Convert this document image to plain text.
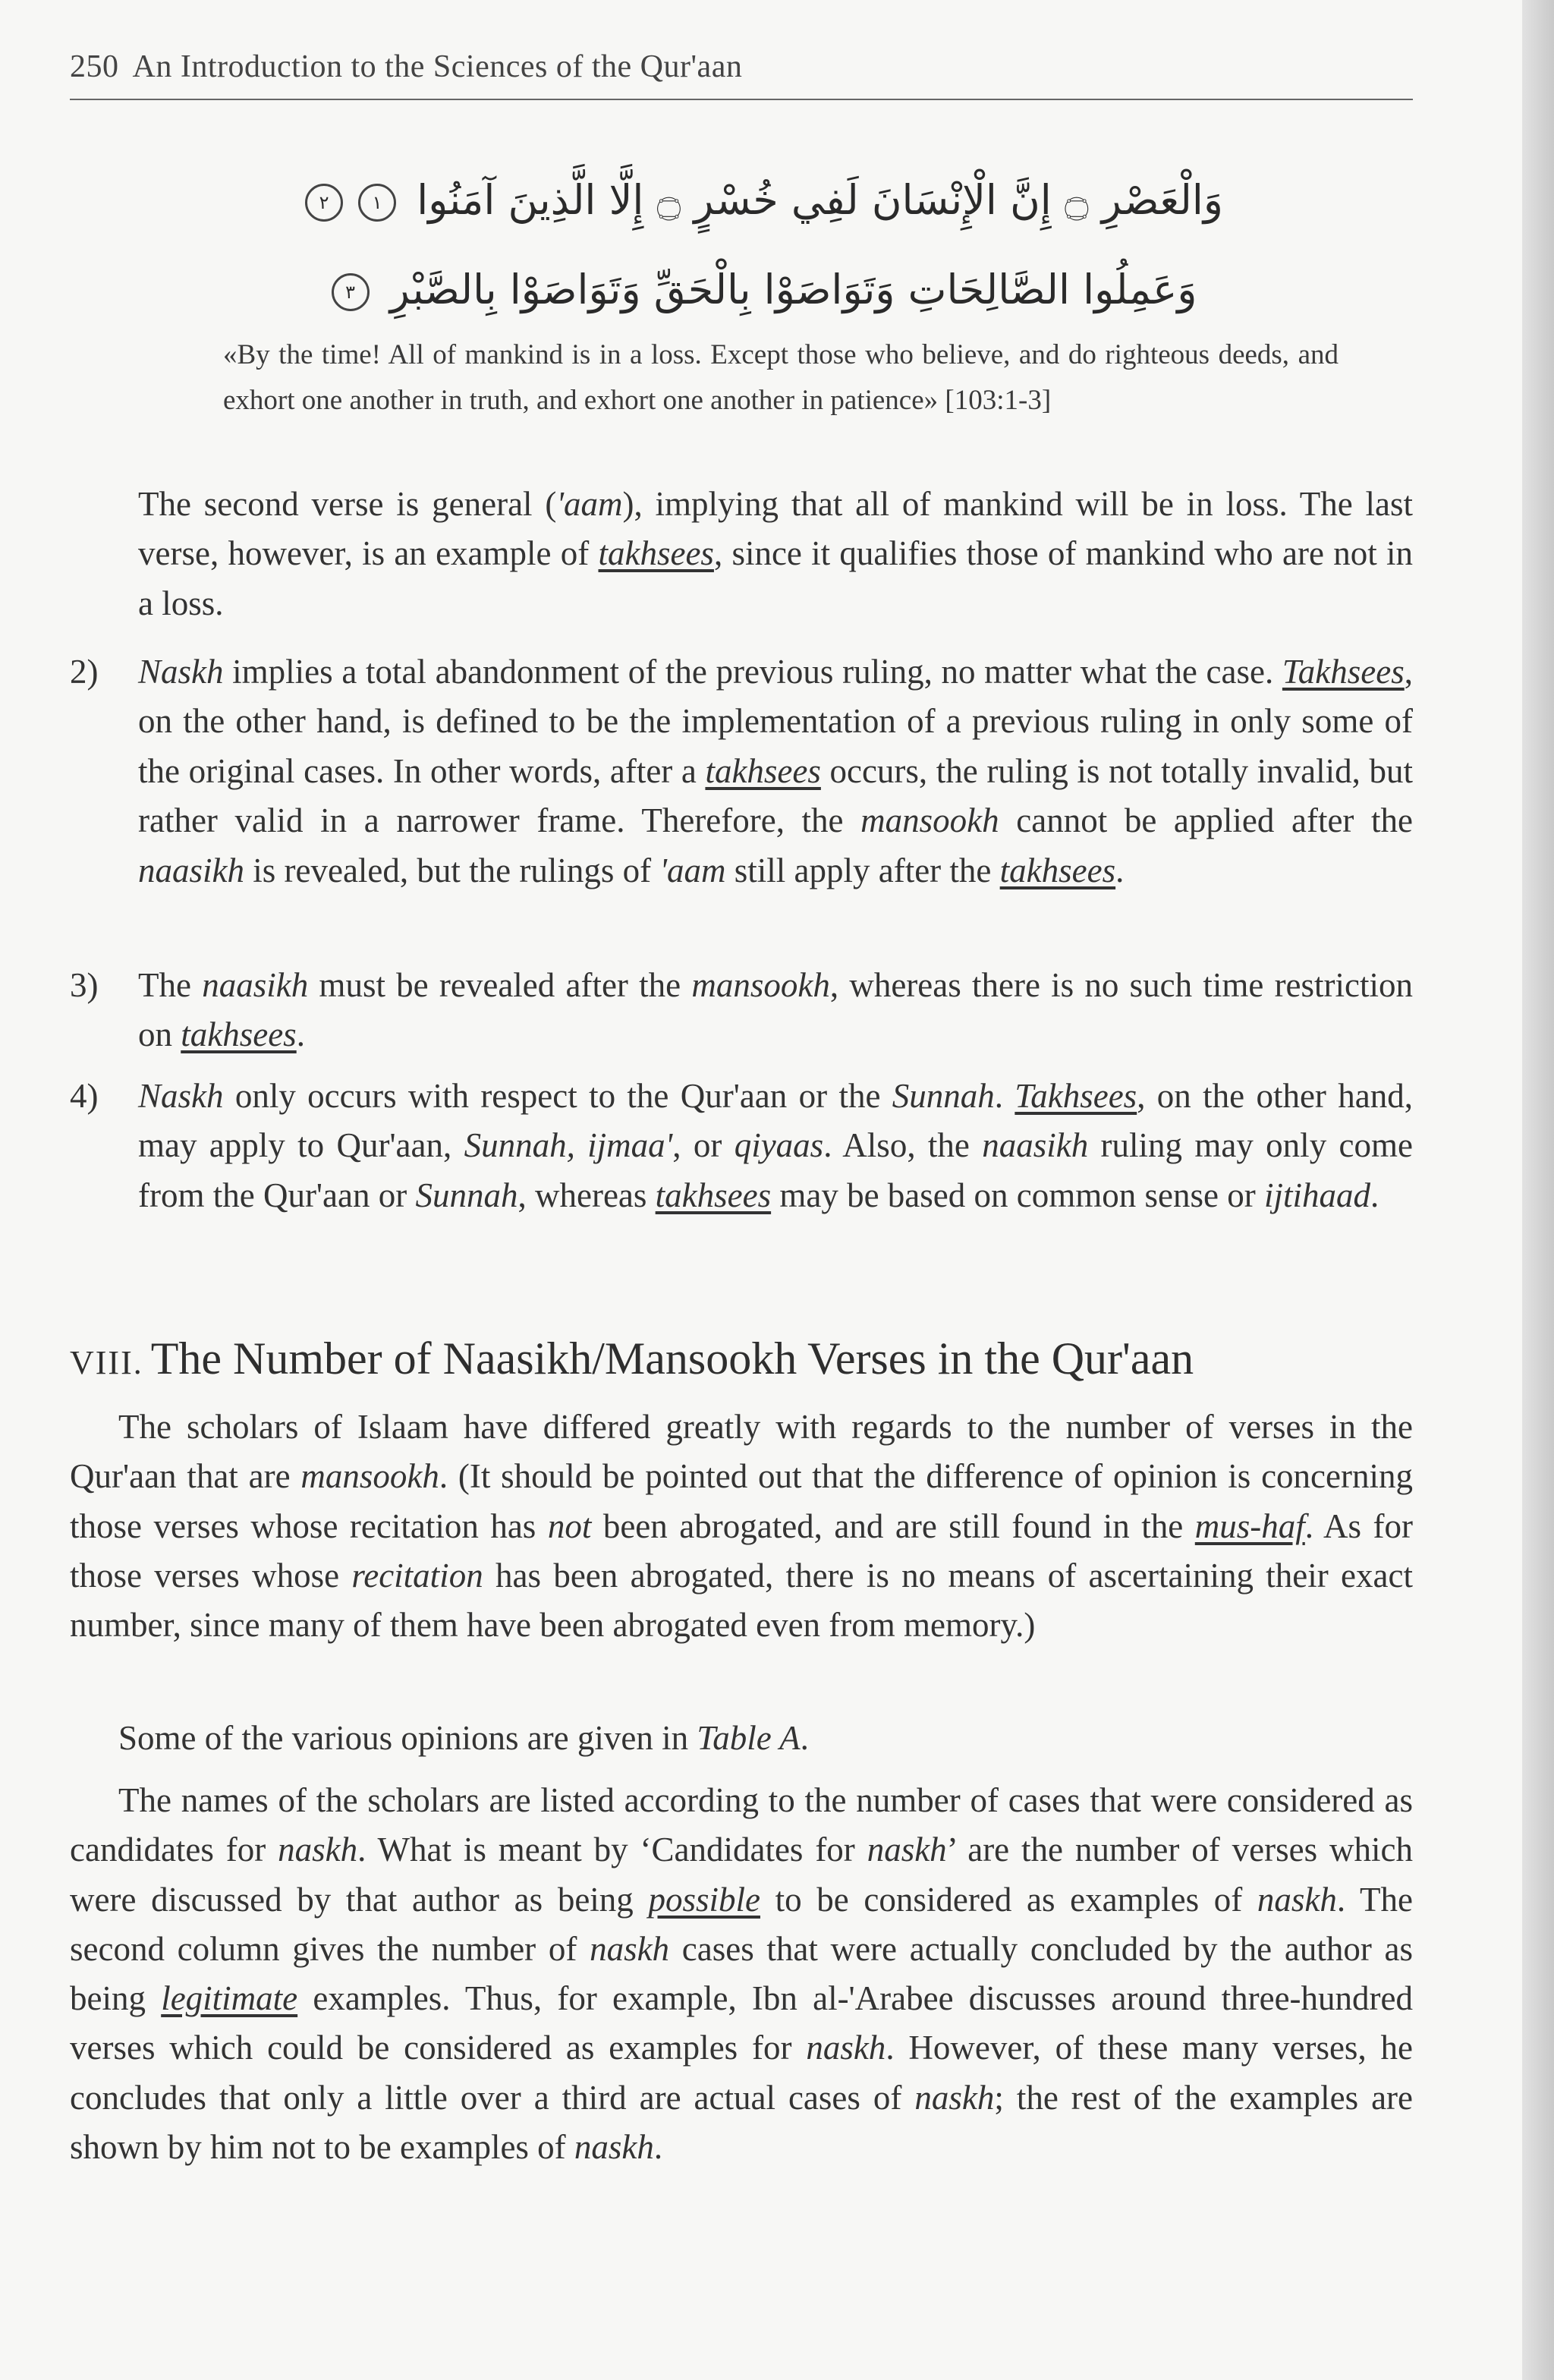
250 An Introduction to the Sciences of the Qur'aan
وَالْعَصْرِ ۝ إِنَّ الْإِنْسَانَ لَفِي خُسْرٍ ۝ إِلَّا الَّذِينَ آمَنُوا ١٢
وَعَمِلُوا الصَّالِحَاتِ وَتَوَاصَوْا بِالْحَقِّ وَتَوَاصَوْا بِالصَّبْرِ ٣
«By the time! All of mankind is in a loss. Except those who believe, and do righteous deeds, and exhort one another in truth, and exhort one another in patience» [103:1-3]
The second verse is general ('aam), implying that all of mankind will be in loss. The last verse, however, is an example of takhsees, since it qualifies those of mankind who are not in a loss.
2) Naskh implies a total abandonment of the previous ruling, no matter what the case. Takhsees, on the other hand, is defined to be the implementation of a previous ruling in only some of the original cases. In other words, after a takhsees occurs, the ruling is not totally invalid, but rather valid in a narrower frame. Therefore, the mansookh cannot be applied after the naasikh is revealed, but the rulings of 'aam still apply after the takhsees.
3) The naasikh must be revealed after the mansookh, whereas there is no such time restriction on takhsees.
4) Naskh only occurs with respect to the Qur'aan or the Sunnah. Takhsees, on the other hand, may apply to Qur'aan, Sunnah, ijmaa', or qiyaas. Also, the naasikh ruling may only come from the Qur'aan or Sunnah, whereas takhsees may be based on common sense or ijtihaad.
VIII. The Number of Naasikh/Mansookh Verses in the Qur'aan
The scholars of Islaam have differed greatly with regards to the number of verses in the Qur'aan that are mansookh. (It should be pointed out that the difference of opinion is concerning those verses whose recitation has not been abrogated, and are still found in the mus-haf. As for those verses whose recitation has been abrogated, there is no means of ascertaining their exact number, since many of them have been abrogated even from memory.)
Some of the various opinions are given in Table A.
The names of the scholars are listed according to the number of cases that were considered as candidates for naskh. What is meant by ‘Candidates for naskh’ are the number of verses which were discussed by that author as being possible to be considered as examples of naskh. The second column gives the number of naskh cases that were actually concluded by the author as being legitimate examples. Thus, for example, Ibn al-'Arabee discusses around three-hundred verses which could be considered as examples for naskh. However, of these many verses, he concludes that only a little over a third are actual cases of naskh; the rest of the examples are shown by him not to be examples of naskh.
